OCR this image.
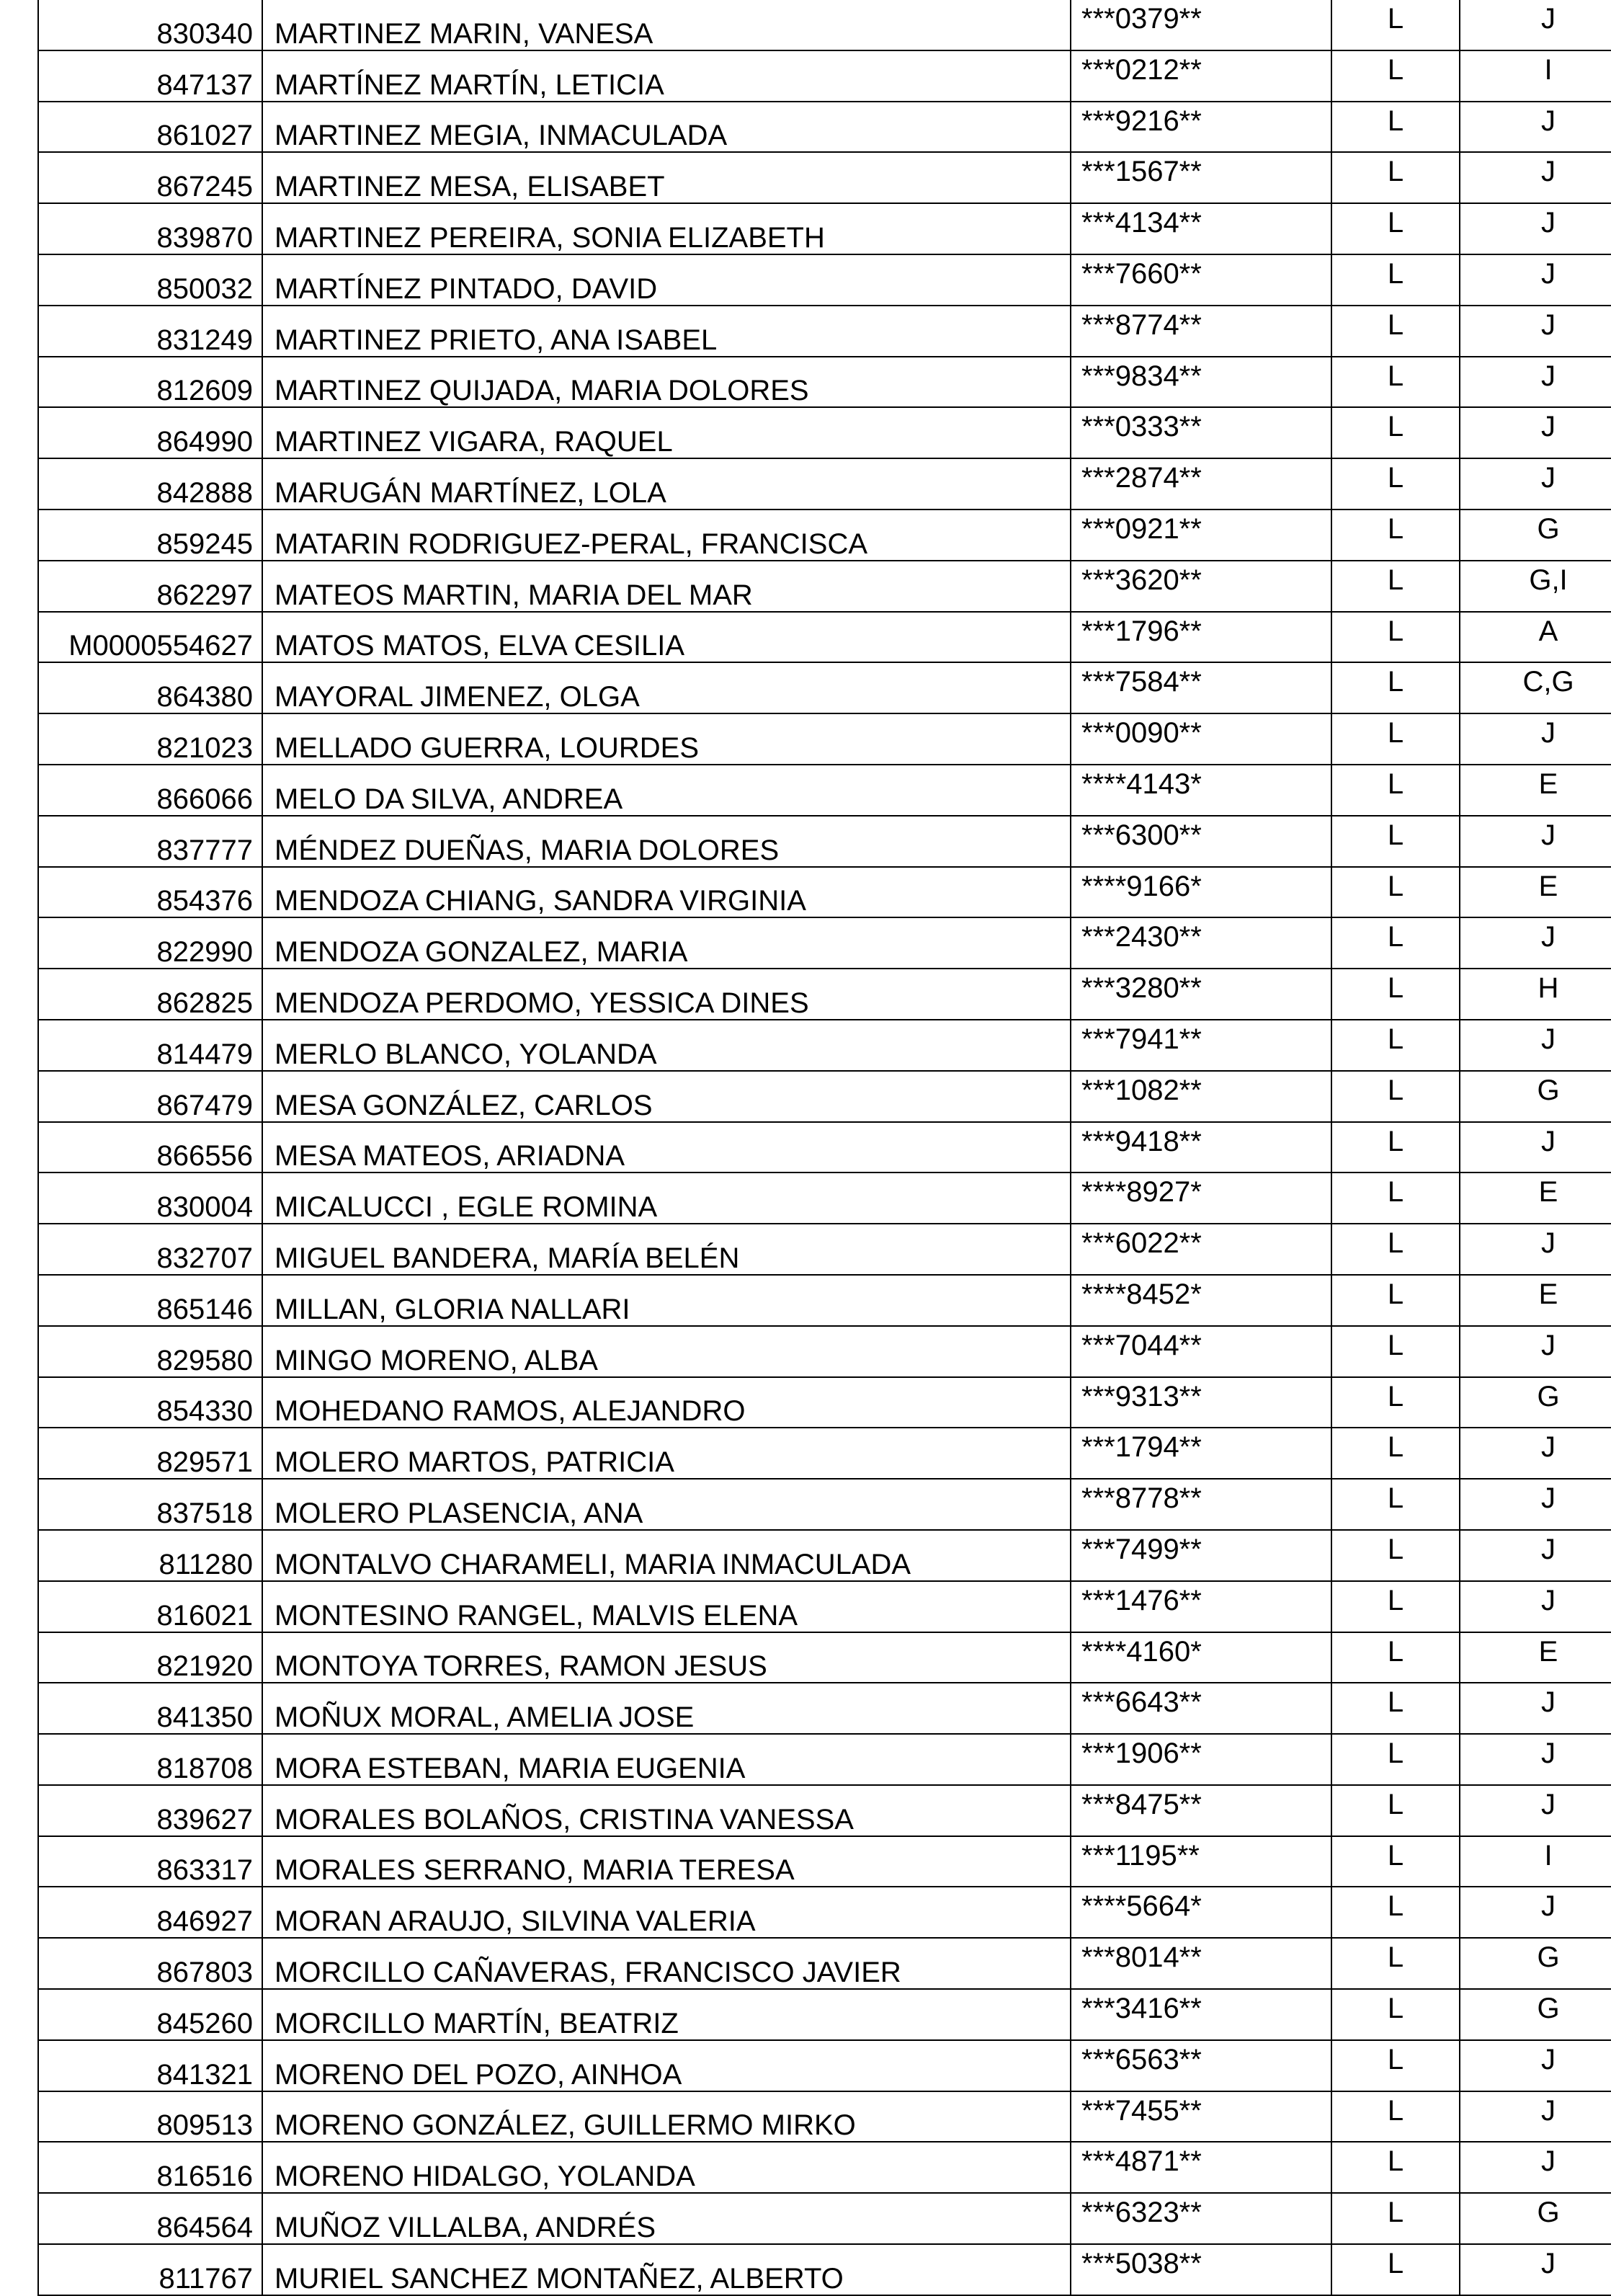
830340	MARTINEZ MARIN, VANESA	***0379**	L	J
847137	MARTÍNEZ MARTÍN, LETICIA	***0212**	L	I
861027	MARTINEZ MEGIA, INMACULADA	***9216**	L	J
867245	MARTINEZ MESA, ELISABET	***1567**	L	J
839870	MARTINEZ PEREIRA, SONIA ELIZABETH	***4134**	L	J
850032	MARTÍNEZ PINTADO, DAVID	***7660**	L	J
831249	MARTINEZ PRIETO, ANA ISABEL	***8774**	L	J
812609	MARTINEZ QUIJADA, MARIA DOLORES	***9834**	L	J
864990	MARTINEZ VIGARA, RAQUEL	***0333**	L	J
842888	MARUGÁN MARTÍNEZ, LOLA	***2874**	L	J
859245	MATARIN RODRIGUEZ-PERAL, FRANCISCA	***0921**	L	G
862297	MATEOS MARTIN, MARIA DEL MAR	***3620**	L	G,I
M0000554627	MATOS MATOS, ELVA CESILIA	***1796**	L	A
864380	MAYORAL JIMENEZ, OLGA	***7584**	L	C,G
821023	MELLADO GUERRA, LOURDES	***0090**	L	J
866066	MELO DA SILVA, ANDREA	****4143*	L	E
837777	MÉNDEZ DUEÑAS, MARIA DOLORES	***6300**	L	J
854376	MENDOZA CHIANG, SANDRA VIRGINIA	****9166*	L	E
822990	MENDOZA GONZALEZ, MARIA	***2430**	L	J
862825	MENDOZA PERDOMO, YESSICA DINES	***3280**	L	H
814479	MERLO BLANCO, YOLANDA	***7941**	L	J
867479	MESA GONZÁLEZ, CARLOS	***1082**	L	G
866556	MESA MATEOS, ARIADNA	***9418**	L	J
830004	MICALUCCI , EGLE ROMINA	****8927*	L	E
832707	MIGUEL BANDERA, MARÍA BELÉN	***6022**	L	J
865146	MILLAN, GLORIA NALLARI	****8452*	L	E
829580	MINGO MORENO, ALBA	***7044**	L	J
854330	MOHEDANO RAMOS, ALEJANDRO	***9313**	L	G
829571	MOLERO MARTOS, PATRICIA	***1794**	L	J
837518	MOLERO PLASENCIA, ANA	***8778**	L	J
811280	MONTALVO CHARAMELI, MARIA INMACULADA	***7499**	L	J
816021	MONTESINO RANGEL, MALVIS ELENA	***1476**	L	J
821920	MONTOYA TORRES, RAMON JESUS	****4160*	L	E
841350	MOÑUX MORAL, AMELIA JOSE	***6643**	L	J
818708	MORA ESTEBAN, MARIA EUGENIA	***1906**	L	J
839627	MORALES BOLAÑOS, CRISTINA VANESSA	***8475**	L	J
863317	MORALES SERRANO, MARIA TERESA	***1195**	L	I
846927	MORAN ARAUJO, SILVINA VALERIA	****5664*	L	J
867803	MORCILLO CAÑAVERAS, FRANCISCO JAVIER	***8014**	L	G
845260	MORCILLO MARTÍN, BEATRIZ	***3416**	L	G
841321	MORENO DEL POZO, AINHOA	***6563**	L	J
809513	MORENO GONZÁLEZ, GUILLERMO MIRKO	***7455**	L	J
816516	MORENO HIDALGO, YOLANDA	***4871**	L	J
864564	MUÑOZ VILLALBA, ANDRÉS	***6323**	L	G
811767	MURIEL SANCHEZ MONTAÑEZ, ALBERTO	***5038**	L	J
